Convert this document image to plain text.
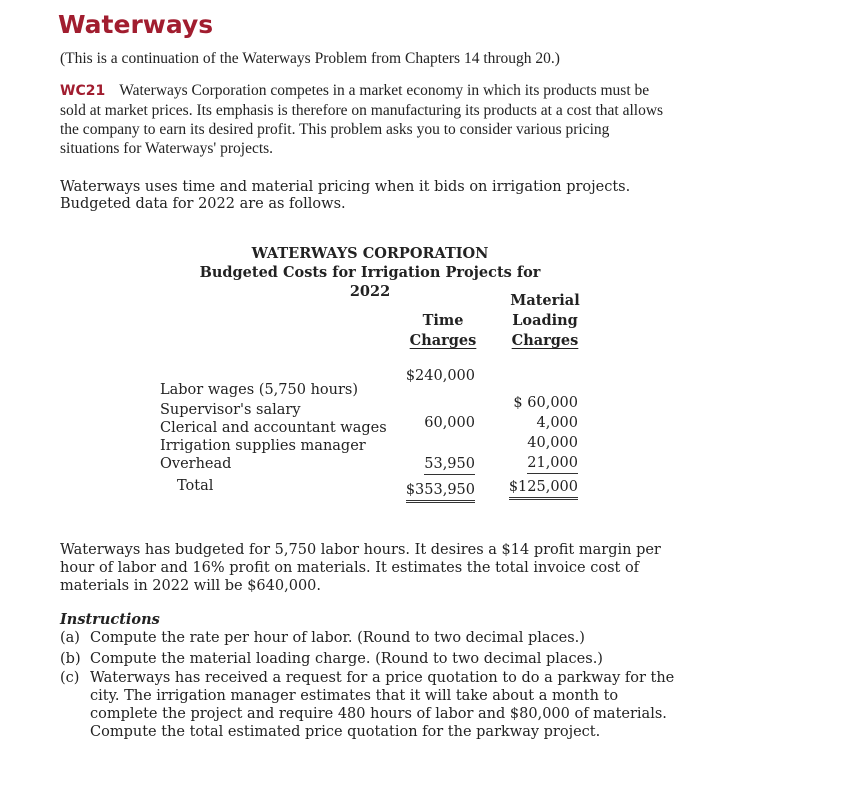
Waterways

(This is a continuation of the Waterways Problem from Chapters 14 through 20.)

WC21 Waterways Corporation competes in a market economy in which its products must be sold at market prices. Its emphasis is therefore on manufacturing its products at a cost that allows the company to earn its desired profit. This problem asks you to consider various pricing situations for Waterways' projects.

Waterways uses time and material pricing when it bids on irrigation projects. Budgeted data for 2022 are as follows.

WATERWAYS CORPORATION
Budgeted Costs for Irrigation Projects for 2022
Time
Charges
Material
Loading
Charges
Labor wages (5,750 hours)
Supervisor's salary
Clerical and accountant wages
Irrigation supplies manager
Overhead
Total
$240,000
60,000
53,950
$353,950
$ 60,000
4,000
40,000
21,000
$125,000

Waterways has budgeted for 5,750 labor hours. It desires a $14 profit margin per hour of labor and 16% profit on materials. It estimates the total invoice cost of materials in 2022 will be $640,000.

Instructions
(a) Compute the rate per hour of labor. (Round to two decimal places.)
(b) Compute the material loading charge. (Round to two decimal places.)
(c) Waterways has received a request for a price quotation to do a parkway for the city. The irrigation manager estimates that it will take about a month to complete the project and require 480 hours of labor and $80,000 of materials. Compute the total estimated price quotation for the parkway project.
